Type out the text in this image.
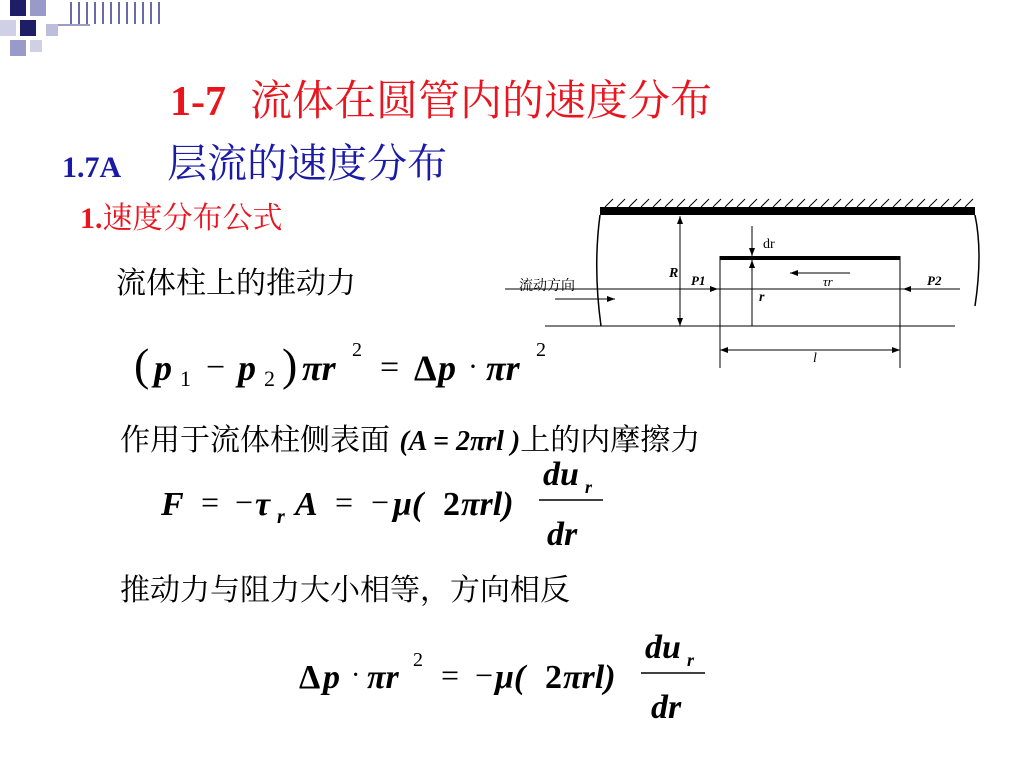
1-7 流体在圆管内的速度分布
1.7A 层流的速度分布
1.速度分布公式
流体柱上的推动力	流动方向
R
dr
r
P1	τr	P2
l
( p 1 − p 2 ) πr 2 = Δ p · πr 2
作用于流体柱侧表面 (A = 2πrl )上的内摩擦力
F = − τ r A = − μ( 2 πrl)
du r
dr
推动力与阻力大小相等，方向相反
Δ p · πr 2 = − μ( 2 πrl)
du r
dr
